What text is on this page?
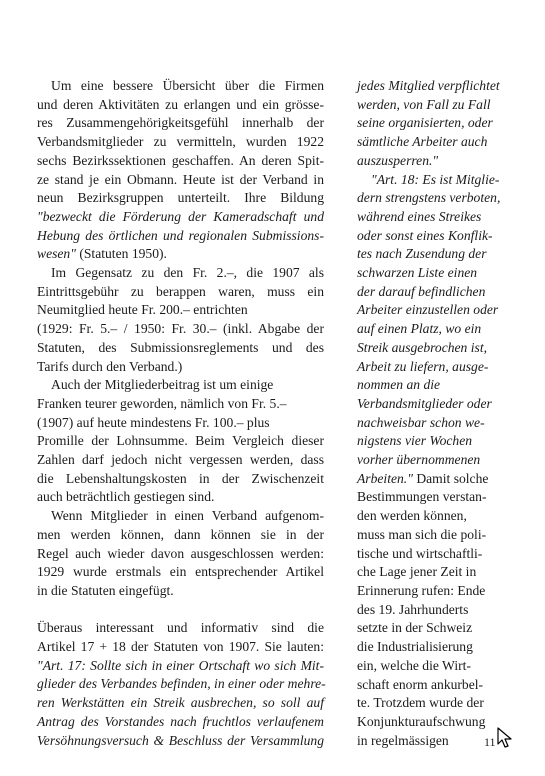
Um eine bessere Übersicht über die Firmen
und deren Aktivitäten zu erlangen und ein grösse-
res Zusammengehörigkeitsgefühl innerhalb der
Verbandsmitglieder zu vermitteln, wurden 1922
sechs Bezirkssektionen geschaffen. An deren Spit-
ze stand je ein Obmann. Heute ist der Verband in
neun Bezirksgruppen unterteilt. Ihre Bildung
"bezweckt die Förderung der Kameradschaft und
Hebung des örtlichen und regionalen Submissions-
wesen" (Statuten 1950).
Im Gegensatz zu den Fr. 2.–, die 1907 als
Eintrittsgebühr zu berappen waren, muss ein
Neumitglied heute Fr. 200.– entrichten
(1929: Fr. 5.– / 1950: Fr. 30.– (inkl. Abgabe der
Statuten, des Submissionsreglements und des
Tarifs durch den Verband.)
Auch der Mitgliederbeitrag ist um einige
Franken teurer geworden, nämlich von Fr. 5.–
(1907) auf heute mindestens Fr. 100.– plus
Promille der Lohnsumme. Beim Vergleich dieser
Zahlen darf jedoch nicht vergessen werden, dass
die Lebenshaltungskosten in der Zwischenzeit
auch beträchtlich gestiegen sind.
Wenn Mitglieder in einen Verband aufgenom-
men werden können, dann können sie in der
Regel auch wieder davon ausgeschlossen werden:
1929 wurde erstmals ein entsprechender Artikel
in die Statuten eingefügt.
Überaus interessant und informativ sind die
Artikel 17 + 18 der Statuten von 1907. Sie lauten:
"Art. 17: Sollte sich in einer Ortschaft wo sich Mit-
glieder des Verbandes befinden, in einer oder mehre-
ren Werkstätten ein Streik ausbrechen, so soll auf
Antrag des Vorstandes nach fruchtlos verlaufenem
Versöhnungsversuch & Beschluss der Versammlung
jedes Mitglied verpflichtet
werden, von Fall zu Fall
seine organisierten, oder
sämtliche Arbeiter auch
auszusperren."
"Art. 18: Es ist Mitglie-
dern strengstens verboten,
während eines Streikes
oder sonst eines Konflik-
tes nach Zusendung der
schwarzen Liste einen
der darauf befindlichen
Arbeiter einzustellen oder
auf einen Platz, wo ein
Streik ausgebrochen ist,
Arbeit zu liefern, ausge-
nommen an die
Verbandsmitglieder oder
nachweisbar schon we-
nigstens vier Wochen
vorher übernommenen
Arbeiten." Damit solche
Bestimmungen verstan-
den werden können,
muss man sich die poli-
tische und wirtschaftli-
che Lage jener Zeit in
Erinnerung rufen: Ende
des 19. Jahrhunderts
setzte in der Schweiz
die Industrialisierung
ein, welche die Wirt-
schaft enorm ankurbel-
te. Trotzdem wurde der
Konjunkturaufschwung
in regelmässigen	11
